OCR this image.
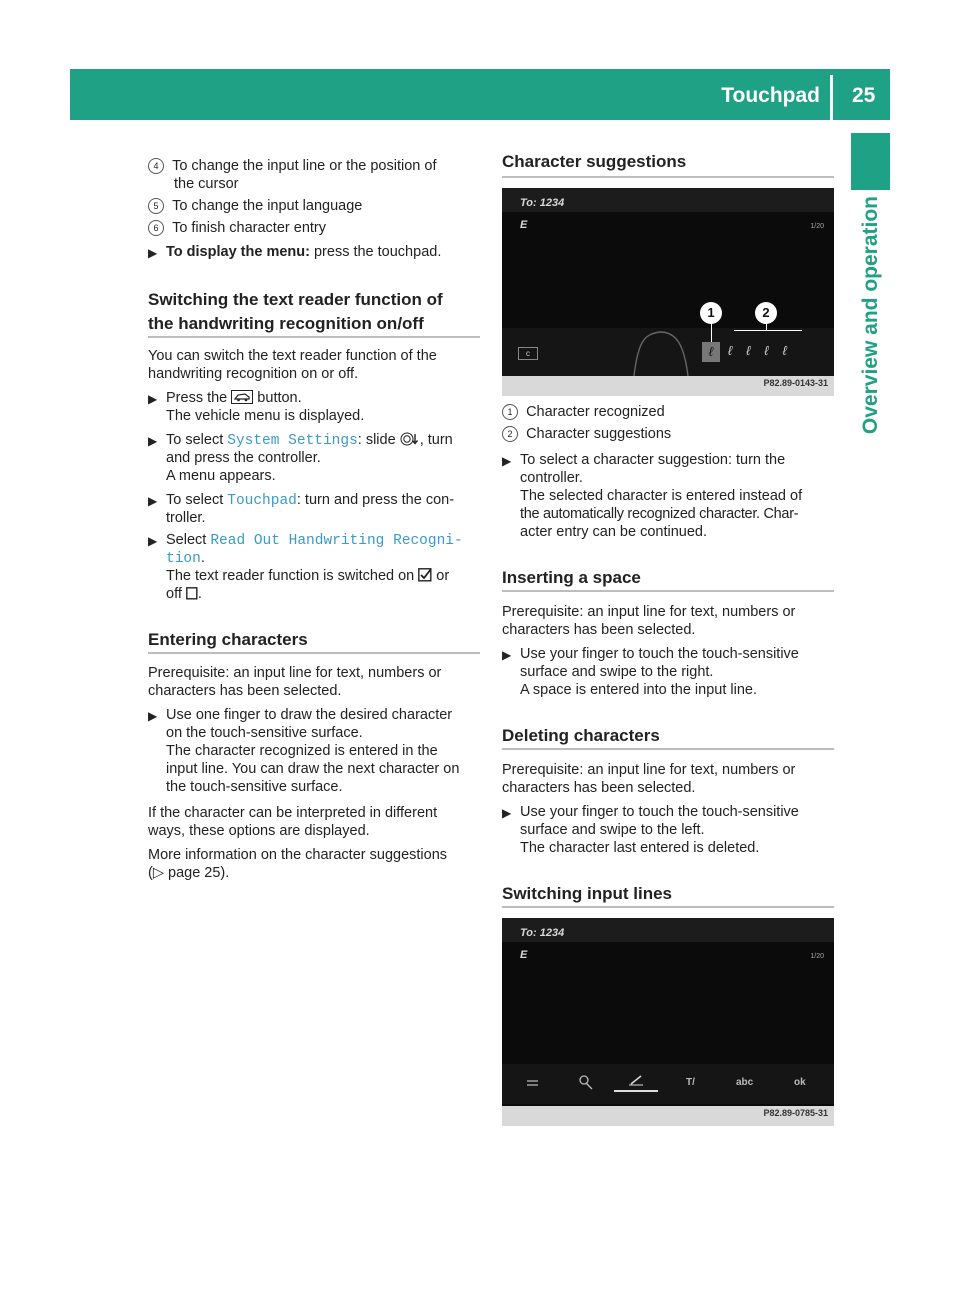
Touchpad 25
Overview and operation
4 To change the input line or the position of
the cursor
5 To change the input language
6 To finish character entry
▶ To display the menu: press the touchpad.
Switching the text reader function of
the handwriting recognition on/off
You can switch the text reader function of the
handwriting recognition on or off.
▶ Press the  button.
The vehicle menu is displayed.
▶ To select System Settings: slide , turn
and press the controller.
A menu appears.
▶ To select Touchpad: turn and press the con-
troller.
▶ Select Read Out Handwriting Recogni‐
tion.
The text reader function is switched on  or
off .
Entering characters
Prerequisite: an input line for text, numbers or
characters has been selected.
▶ Use one finger to draw the desired character
on the touch-sensitive surface.
The character recognized is entered in the
input line. You can draw the next character on
the touch-sensitive surface.
If the character can be interpreted in different
ways, these options are displayed.
More information on the character suggestions
(▷ page 25).
Character suggestions
To: 1234
E	1/20
c	ℓ	ℓℓℓℓ
1	2
P82.89-0143-31
1 Character recognized
2 Character suggestions
▶ To select a character suggestion: turn the
controller.
The selected character is entered instead of
the automatically recognized character. Char-
acter entry can be continued.
Inserting a space
Prerequisite: an input line for text, numbers or
characters has been selected.
▶ Use your finger to touch the touch-sensitive
surface and swipe to the right.
A space is entered into the input line.
Deleting characters
Prerequisite: an input line for text, numbers or
characters has been selected.
▶ Use your finger to touch the touch-sensitive
surface and swipe to the left.
The character last entered is deleted.
Switching input lines
To: 1234
E	1/20
T/	abc	ok
P82.89-0785-31
